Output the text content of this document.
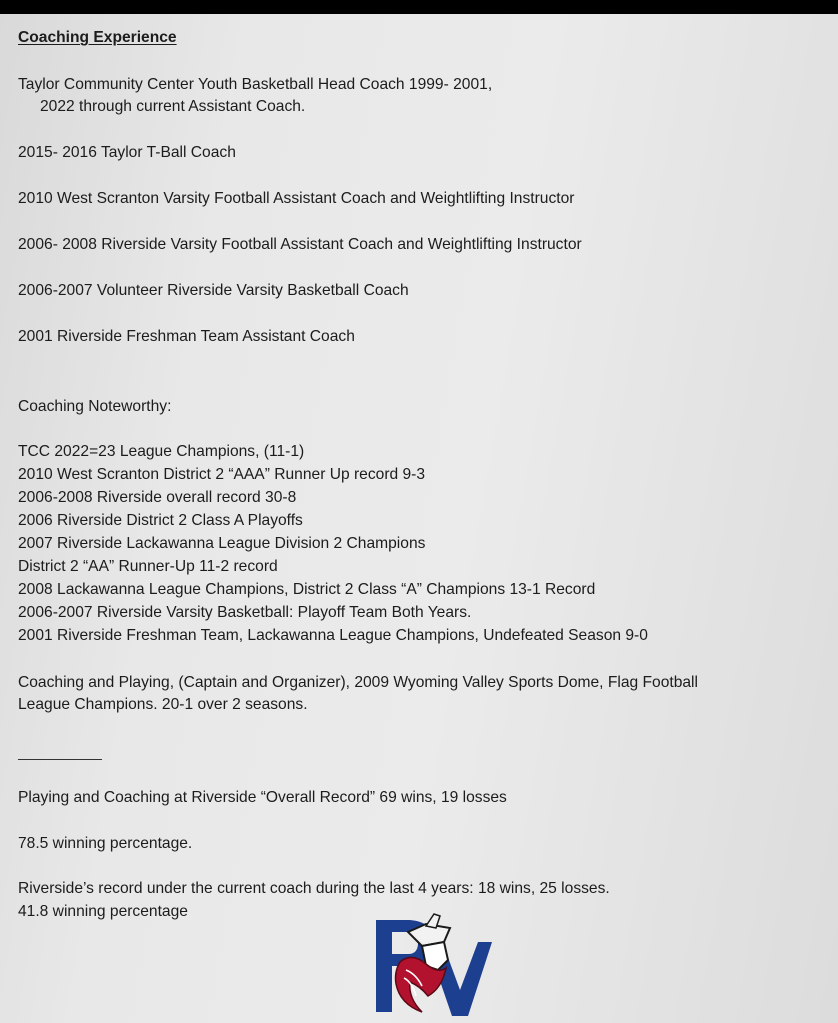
Coaching Experience

Taylor Community Center Youth Basketball Head Coach 1999- 2001,

2022 through current Assistant Coach.

2015- 2016 Taylor T-Ball Coach

2010 West Scranton Varsity Football Assistant Coach and Weightlifting Instructor

2006- 2008 Riverside Varsity Football Assistant Coach and Weightlifting Instructor

2006-2007 Volunteer Riverside Varsity Basketball Coach

2001 Riverside Freshman Team Assistant Coach

Coaching Noteworthy:

TCC 2022=23 League Champions, (11-1)

2010 West Scranton District 2 “AAA” Runner Up record 9-3

2006-2008 Riverside overall record 30-8

2006 Riverside District 2 Class A Playoffs

2007 Riverside Lackawanna League Division 2 Champions

District 2 “AA” Runner-Up 11-2 record

2008 Lackawanna League Champions, District 2 Class “A” Champions 13-1 Record

2006-2007 Riverside Varsity Basketball: Playoff Team Both Years.

2001 Riverside Freshman Team, Lackawanna League Champions, Undefeated Season 9-0

Coaching and Playing, (Captain and Organizer), 2009 Wyoming Valley Sports Dome, Flag Football

League Champions. 20-1 over 2 seasons.

Playing and Coaching at Riverside “Overall Record” 69 wins, 19 losses

78.5 winning percentage.

Riverside’s record under the current coach during the last 4 years: 18 wins, 25 losses.

41.8 winning percentage
